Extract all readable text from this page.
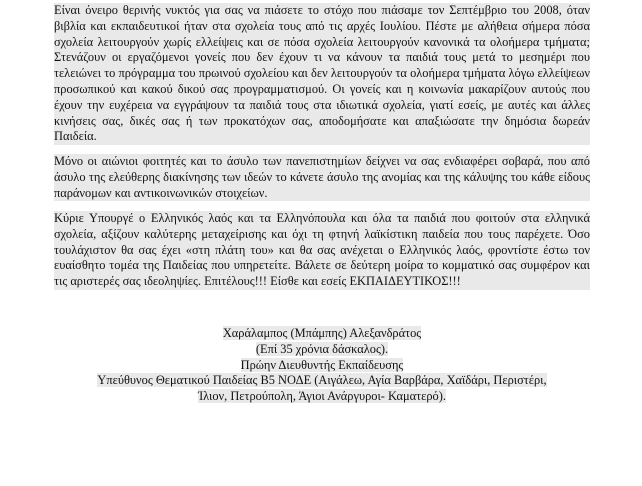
Είναι όνειρο θερινής νυκτός για σας να πιάσετε το στόχο που πιάσαμε τον Σεπτέμβριο του 2008, όταν βιβλία και εκπαιδευτικοί ήταν στα σχολεία τους από τις αρχές Ιουλίου. Πέστε με αλήθεια σήμερα πόσα σχολεία λειτουργούν χωρίς ελλείψεις και σε πόσα σχολεία λειτουργούν κανονικά τα ολοήμερα τμήματα; Στενάζουν οι εργαζόμενοι γονείς που δεν έχουν τι να κάνουν τα παιδιά τους μετά το μεσημέρι που τελειώνει το πρόγραμμα του πρωινού σχολείου και δεν λειτουργούν τα ολοήμερα τμήματα λόγω ελλείψεων προσωπικού και κακού δικού σας προγραμματισμού. Οι γονείς και η κοινωνία μακαρίζουν αυτούς που έχουν την ευχέρεια να εγγράψουν τα παιδιά τους στα ιδιωτικά σχολεία, γιατί εσείς, με αυτές και άλλες κινήσεις σας, δικές σας ή των προκατόχων σας, αποδομήσατε και απαξιώσατε την δημόσια δωρεάν Παιδεία.

Μόνο οι αιώνιοι φοιτητές και το άσυλο των πανεπιστημίων δείχνει να σας ενδιαφέρει σοβαρά, που από άσυλο της ελεύθερης διακίνησης των ιδεών το κάνετε άσυλο της ανομίας και της κάλυψης του κάθε είδους παράνομων και αντικοινωνικών στοιχείων.

Κύριε Υπουργέ ο Ελληνικός λαός και τα Ελληνόπουλα και όλα τα παιδιά που φοιτούν στα ελληνικά σχολεία, αξίζουν καλύτερης μεταχείρισης και όχι τη φτηνή λαϊκίστικη παιδεία που τους παρέχετε. Όσο τουλάχιστον θα σας έχει «στη πλάτη του» και θα σας ανέχεται ο Ελληνικός λαός, φροντίστε έστω τον ευαίσθητο τομέα της Παιδείας που υπηρετείτε. Βάλετε σε δεύτερη μοίρα το κομματικό σας συμφέρον και τις αριστερές σας ιδεοληψίες. Επιτέλους!!! Είσθε και εσείς ΕΚΠΑΙΔΕΥΤΙΚΟΣ!!!

Χαράλαμπος (Μπάμπης) Αλεξανδράτος
(Επί 35 χρόνια δάσκαλος).
Πρώην Διευθυντής Εκπαίδευσης
Υπεύθυνος Θεματικού Παιδείας Β5 ΝΟΔΕ (Αιγάλεω, Αγία Βαρβάρα, Χαϊδάρι, Περιστέρι,
Ίλιον, Πετρούπολη, Άγιοι Ανάργυροι- Καματερό).
